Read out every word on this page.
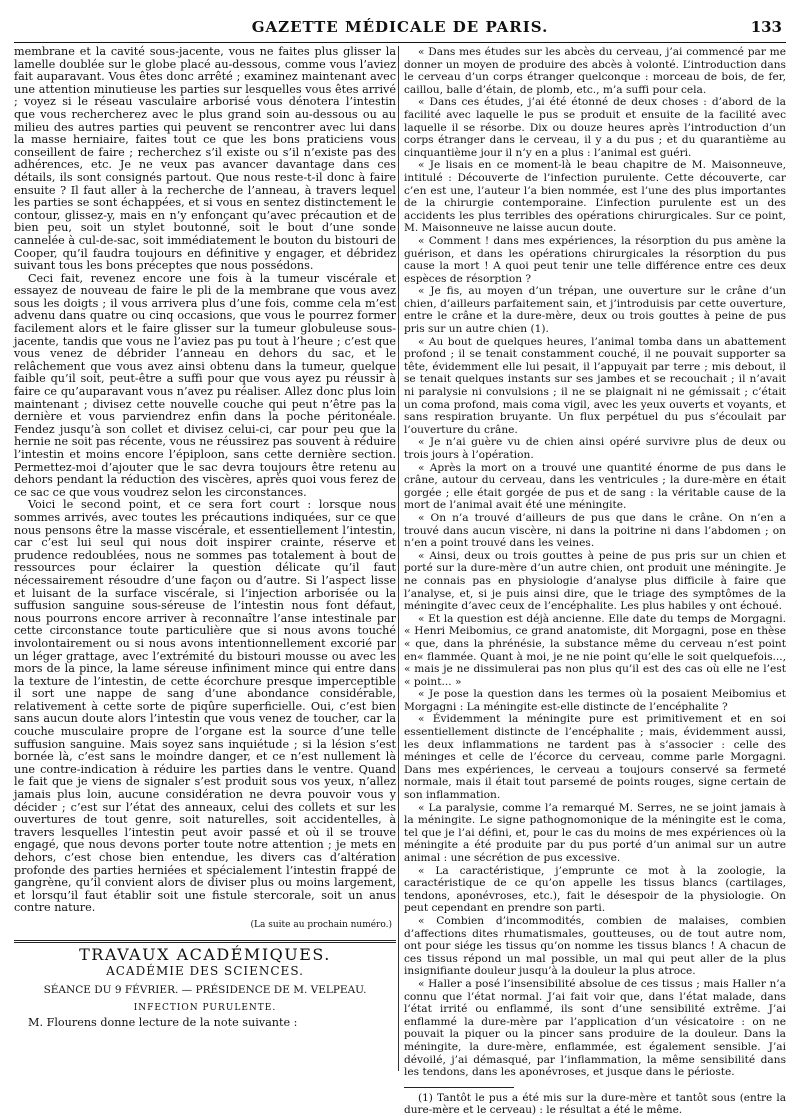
GAZETTE MÉDICALE DE PARIS.	133

membrane et la cavité sous-jacente, vous ne faites plus glisser la lamelle doublée sur le globe placé au-dessous, comme vous l’aviez fait auparavant. Vous êtes donc arrêté ; examinez maintenant avec une attention minutieuse les parties sur lesquelles vous êtes arrivé ; voyez si le réseau vasculaire arborisé vous dénotera l’intestin que vous rechercherez avec le plus grand soin au-dessous ou au milieu des autres parties qui peuvent se rencontrer avec lui dans la masse herniaire, faites tout ce que les bons praticiens vous conseillent de faire ; recherchez s’il existe ou s’il n’existe pas des adhérences, etc. Je ne veux pas avancer davantage dans ces détails, ils sont consignés partout. Que nous reste-t-il donc à faire ensuite ? Il faut aller à la recherche de l’anneau, à travers lequel les parties se sont échappées, et si vous en sentez distinctement le contour, glissez-y, mais en n’y enfonçant qu’avec précaution et de bien peu, soit un stylet boutonné, soit le bout d’une sonde cannelée à cul-de-sac, soit immédiatement le bouton du bistouri de Cooper, qu’il faudra toujours en définitive y engager, et débridez suivant tous les bons préceptes que nous possédons.

Ceci fait, revenez encore une fois à la tumeur viscérale et essayez de nouveau de faire le pli de la membrane que vous avez sous les doigts ; il vous arrivera plus d’une fois, comme cela m’est advenu dans quatre ou cinq occasions, que vous le pourrez former facilement alors et le faire glisser sur la tumeur globuleuse sous-jacente, tandis que vous ne l’aviez pas pu tout à l’heure ; c’est que vous venez de débrider l’anneau en dehors du sac, et le relâchement que vous avez ainsi obtenu dans la tumeur, quelque faible qu’il soit, peut-être a suffi pour que vous ayez pu réussir à faire ce qu’auparavant vous n’avez pu réaliser. Allez donc plus loin maintenant ; divisez cette nouvelle couche qui peut n’être pas la dernière et vous parviendrez enfin dans la poche péritonéale. Fendez jusqu’à son collet et divisez celui-ci, car pour peu que la hernie ne soit pas récente, vous ne réussirez pas souvent à réduire l’intestin et moins encore l’épiploon, sans cette dernière section. Permettez-moi d’ajouter que le sac devra toujours être retenu au dehors pendant la réduction des viscères, après quoi vous ferez de ce sac ce que vous voudrez selon les circonstances.

Voici le second point, et ce sera fort court : lorsque nous sommes arrivés, avec toutes les précautions indiquées, sur ce que nous pensons être la masse viscérale, et essentiellement l’intestin, car c’est lui seul qui nous doit inspirer crainte, réserve et prudence redoublées, nous ne sommes pas totalement à bout de ressources pour éclairer la question délicate qu’il faut nécessairement résoudre d’une façon ou d’autre. Si l’aspect lisse et luisant de la surface viscérale, si l’injection arborisée ou la suffusion sanguine sous-séreuse de l’intestin nous font défaut, nous pourrons encore arriver à reconnaître l’anse intestinale par cette circonstance toute particulière que si nous avons touché involontairement ou si nous avons intentionnellement excorié par un léger grattage, avec l’extrémité du bistouri mousse ou avec les mors de la pince, la lame séreuse infiniment mince qui entre dans la texture de l’intestin, de cette écorchure presque imperceptible il sort une nappe de sang d’une abondance considérable, relativement à cette sorte de piqûre superficielle. Oui, c’est bien sans aucun doute alors l’intestin que vous venez de toucher, car la couche musculaire propre de l’organe est la source d’une telle suffusion sanguine. Mais soyez sans inquiétude ; si la lésion s’est bornée là, c’est sans le moindre danger, et ce n’est nullement là une contre-indication à réduire les parties dans le ventre. Quand le fait que je viens de signaler s’est produit sous vos yeux, n’allez jamais plus loin, aucune considération ne devra pouvoir vous y décider ; c’est sur l’état des anneaux, celui des collets et sur les ouvertures de tout genre, soit naturelles, soit accidentelles, à travers lesquelles l’intestin peut avoir passé et où il se trouve engagé, que nous devons porter toute notre attention ; je mets en dehors, c’est chose bien entendue, les divers cas d’altération profonde des parties herniées et spécialement l’intestin frappé de gangrène, qu’il convient alors de diviser plus ou moins largement, et lorsqu’il faut établir soit une fistule stercorale, soit un anus contre nature.

(La suite au prochain numéro.)
TRAVAUX ACADÉMIQUES.
ACADÉMIE DES SCIENCES.
SÉANCE DU 9 FÉVRIER. — PRÉSIDENCE DE M. VELPEAU.
INFECTION PURULENTE.

M. Flourens donne lecture de la note suivante :

« Dans mes études sur les abcès du cerveau, j’ai commencé par me donner un moyen de produire des abcès à volonté. L’introduction dans le cerveau d’un corps étranger quelconque : morceau de bois, de fer, caillou, balle d’étain, de plomb, etc., m’a suffi pour cela.

« Dans ces études, j’ai été étonné de deux choses : d’abord de la facilité avec laquelle le pus se produit et ensuite de la facilité avec laquelle il se résorbe. Dix ou douze heures après l’introduction d’un corps étranger dans le cerveau, il y a du pus ; et du quarantième au cinquantième jour il n’y en a plus : l’animal est guéri.

« Je lisais en ce moment-là le beau chapitre de M. Maisonneuve, intitulé : Découverte de l’infection purulente. Cette découverte, car c’en est une, l’auteur l’a bien nommée, est l’une des plus importantes de la chirurgie contemporaine. L’infection purulente est un des accidents les plus terribles des opérations chirurgicales. Sur ce point, M. Maisonneuve ne laisse aucun doute.

« Comment ! dans mes expériences, la résorption du pus amène la guérison, et dans les opérations chirurgicales la résorption du pus cause la mort ! A quoi peut tenir une telle différence entre ces deux espèces de résorption ?

« Je fis, au moyen d’un trépan, une ouverture sur le crâne d’un chien, d’ailleurs parfaitement sain, et j’introduisis par cette ouverture, entre le crâne et la dure-mère, deux ou trois gouttes à peine de pus pris sur un autre chien (1).

« Au bout de quelques heures, l’animal tomba dans un abattement profond ; il se tenait constamment couché, il ne pouvait supporter sa tête, évidemment elle lui pesait, il l’appuyait par terre ; mis debout, il se tenait quelques instants sur ses jambes et se recouchait ; il n’avait ni paralysie ni convulsions ; il ne se plaignait ni ne gémissait ; c’était un coma profond, mais coma vigil, avec les yeux ouverts et voyants, et sans respiration bruyante. Un flux perpétuel du pus s’écoulait par l’ouverture du crâne.

« Je n’ai guère vu de chien ainsi opéré survivre plus de deux ou trois jours à l’opération.

« Après la mort on a trouvé une quantité énorme de pus dans le crâne, autour du cerveau, dans les ventricules ; la dure-mère en était gorgée ; elle était gorgée de pus et de sang : la véritable cause de la mort de l’animal avait été une méningite.

« On n’a trouvé d’ailleurs de pus que dans le crâne. On n’en a trouvé dans aucun viscère, ni dans la poitrine ni dans l’abdomen ; on n’en a point trouvé dans les veines.

« Ainsi, deux ou trois gouttes à peine de pus pris sur un chien et porté sur la dure-mère d’un autre chien, ont produit une méningite. Je ne connais pas en physiologie d’analyse plus difficile à faire que l’analyse, et, si je puis ainsi dire, que le triage des symptômes de la méningite d’avec ceux de l’encéphalite. Les plus habiles y ont échoué.

« Et la question est déjà ancienne. Elle date du temps de Morgagni. « Henri Meibomius, ce grand anatomiste, dit Morgagni, pose en thèse « que, dans la phrénésie, la substance même du cerveau n’est point en« flammée. Quant à moi, je ne nie point qu’elle le soit quelquefois..., « mais je ne dissimulerai pas non plus qu’il est des cas où elle ne l’est « point... »

« Je pose la question dans les termes où la posaient Meibomius et Morgagni : La méningite est-elle distincte de l’encéphalite ?

« Évidemment la méningite pure est primitivement et en soi essentiellement distincte de l’encéphalite ; mais, évidemment aussi, les deux inflammations ne tardent pas à s’associer : celle des méninges et celle de l’écorce du cerveau, comme parle Morgagni. Dans mes expériences, le cerveau a toujours conservé sa fermeté normale, mais il était tout parsemé de points rouges, signe certain de son inflammation.

« La paralysie, comme l’a remarqué M. Serres, ne se joint jamais à la méningite. Le signe pathognomonique de la méningite est le coma, tel que je l’ai défini, et, pour le cas du moins de mes expériences où la méningite a été produite par du pus porté d’un animal sur un autre animal : une sécrétion de pus excessive.

« La caractéristique, j’emprunte ce mot à la zoologie, la caractéristique de ce qu’on appelle les tissus blancs (cartilages, tendons, aponévroses, etc.), fait le désespoir de la physiologie. On peut cependant en prendre son parti.

« Combien d’incommodités, combien de malaises, combien d’affections dites rhumatismales, goutteuses, ou de tout autre nom, ont pour siége les tissus qu’on nomme les tissus blancs ! A chacun de ces tissus répond un mal possible, un mal qui peut aller de la plus insignifiante douleur jusqu’à la douleur la plus atroce.

« Haller a posé l’insensibilité absolue de ces tissus ; mais Haller n’a connu que l’état normal. J’ai fait voir que, dans l’état malade, dans l’état irrité ou enflammé, ils sont d’une sensibilité extrême. J’ai enflammé la dure-mère par l’application d’un vésicatoire : on ne pouvait la piquer ou la pincer sans produire de la douleur. Dans la méningite, la dure-mère, enflammée, est également sensible. J’ai dévoilé, j’ai démasqué, par l’inflammation, la même sensibilité dans les tendons, dans les aponévroses, et jusque dans le périoste.

(1) Tantôt le pus a été mis sur la dure-mère et tantôt sous (entre la dure-mère et le cerveau) : le résultat a été le même.
